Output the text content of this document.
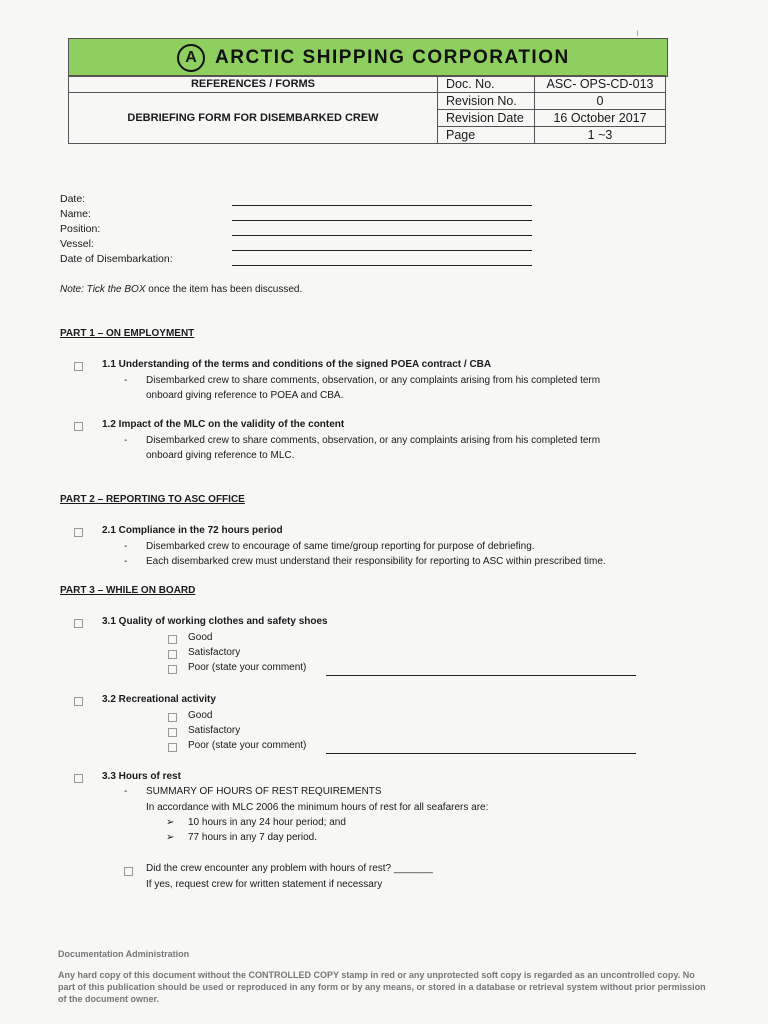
A ARCTIC SHIPPING CORPORATION
ı
REFERENCES / FORMS	Doc. No.	ASC- OPS-CD-013
DEBRIEFING FORM FOR DISEMBARKED CREW	Revision No.	0
	Revision Date	16 October 2017
	Page	1 ~3
Date:
Name:
Position:
Vessel:
Date of Disembarkation:
Note: Tick the BOX once the item has been discussed.
PART 1 – ON EMPLOYMENT
1.1 Understanding of the terms and conditions of the signed POEA contract / CBA
- Disembarked crew to share comments, observation, or any complaints arising from his completed term
onboard giving reference to POEA and CBA.
1.2 Impact of the MLC on the validity of the content
- Disembarked crew to share comments, observation, or any complaints arising from his completed term
onboard giving reference to MLC.
PART 2 – REPORTING TO ASC OFFICE
2.1 Compliance in the 72 hours period
- Disembarked crew to encourage of same time/group reporting for purpose of debriefing.
- Each disembarked crew must understand their responsibility for reporting to ASC within prescribed time.
PART 3 – WHILE ON BOARD
3.1 Quality of working clothes and safety shoes
Good
Satisfactory
Poor (state your comment)
3.2 Recreational activity
Good
Satisfactory
Poor (state your comment)
3.3 Hours of rest
- SUMMARY OF HOURS OF REST REQUIREMENTS
In accordance with MLC 2006 the minimum hours of rest for all seafarers are:
➢ 10 hours in any 24 hour period; and
➢ 77 hours in any 7 day period.
Did the crew encounter any problem with hours of rest? _______
If yes, request crew for written statement if necessary
Documentation Administration
Any hard copy of this document without the CONTROLLED COPY stamp in red or any unprotected soft copy is regarded as an uncontrolled copy. No part of this publication should be used or reproduced in any form or by any means, or stored in a database or retrieval system without prior permission of the document owner.
